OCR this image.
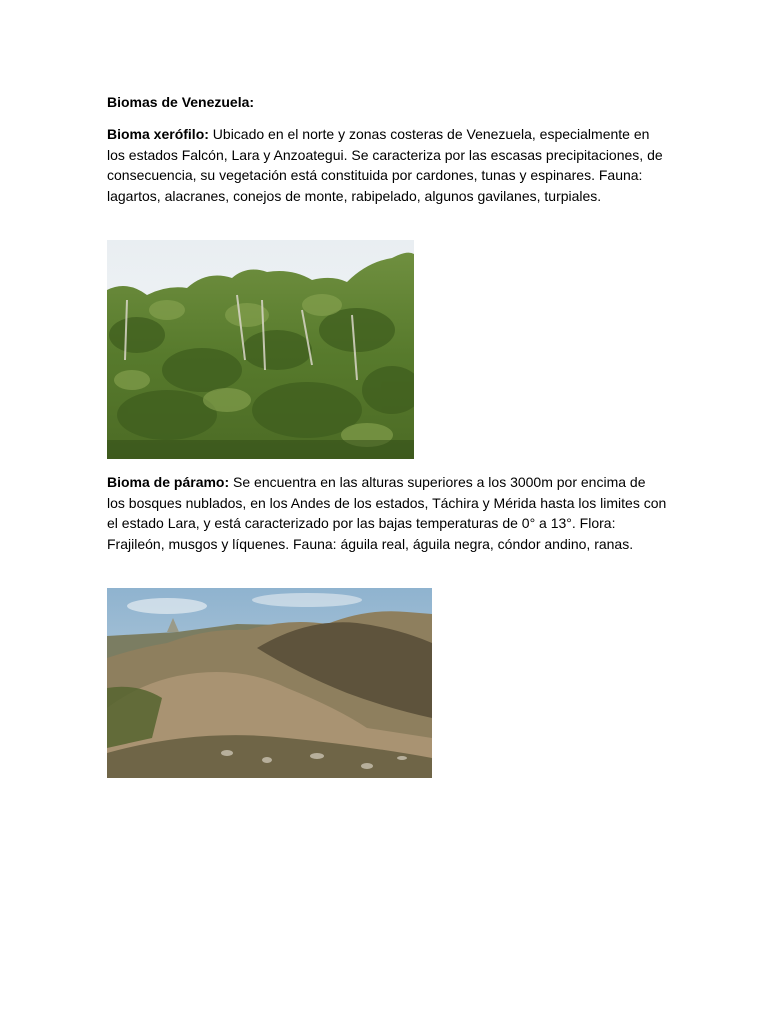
Biomas de Venezuela:

Bioma xerófilo: Ubicado en el norte y zonas costeras de Venezuela, especialmente en los estados Falcón, Lara y Anzoategui. Se caracteriza por las escasas precipitaciones, de consecuencia, su vegetación está constituida por cardones, tunas y espinares. Fauna: lagartos, alacranes, conejos de monte, rabipelado, algunos gavilanes, turpiales.

Bioma de páramo: Se encuentra en las alturas superiores a los 3000m por encima de los bosques nublados, en los Andes de los estados, Táchira y Mérida hasta los limites con el estado Lara, y está caracterizado por las bajas temperaturas de 0° a 13°. Flora: Frajileón, musgos y líquenes. Fauna: águila real, águila negra, cóndor andino, ranas.
